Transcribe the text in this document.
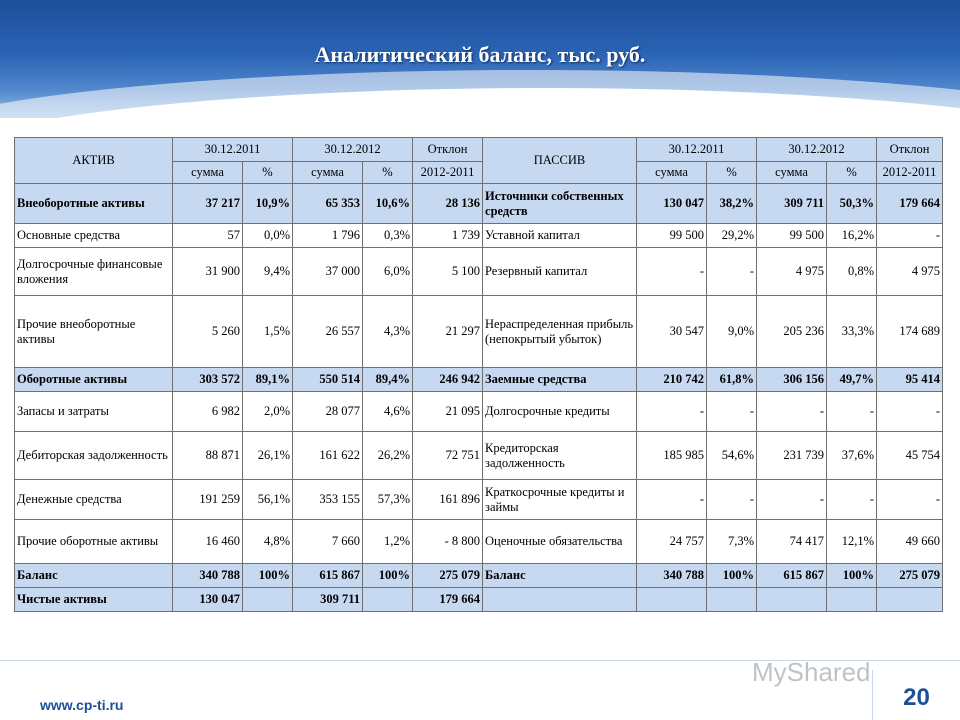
Аналитический баланс, тыс. руб.
АКТИВ	30.12.2011		30.12.2012		Отклон	ПАССИВ	30.12.2011		30.12.2012		Отклон
	сумма	%	сумма	%	2012-2011		сумма	%	сумма	%	2012-2011
Внеоборотные активы	37 217	10,9%	65 353	10,6%	28 136	Источники собственных средств	130 047	38,2%	309 711	50,3%	179 664
Основные средства	57	0,0%	1 796	0,3%	1 739	Уставной капитал	99 500	29,2%	99 500	16,2%	-
Долгосрочные финансовые вложения	31 900	9,4%	37 000	6,0%	5 100	Резервный капитал	-	-	4 975	0,8%	4 975
Прочие внеоборотные активы	5 260	1,5%	26 557	4,3%	21 297	Нераспределенная прибыль (непокрытый убыток)	30 547	9,0%	205 236	33,3%	174 689
Оборотные активы	303 572	89,1%	550 514	89,4%	246 942	Заемные средства	210 742	61,8%	306 156	49,7%	95 414
Запасы и затраты	6 982	2,0%	28 077	4,6%	21 095	Долгосрочные кредиты	-	-	-	-	-
Дебиторская задолженность	88 871	26,1%	161 622	26,2%	72 751	Кредиторская задолженность	185 985	54,6%	231 739	37,6%	45 754
Денежные средства	191 259	56,1%	353 155	57,3%	161 896	Краткосрочные кредиты и займы	-	-	-	-	-
Прочие оборотные активы	16 460	4,8%	7 660	1,2%	- 8 800	Оценочные обязательства	24 757	7,3%	74 417	12,1%	49 660
Баланс	340 788	100%	615 867	100%	275 079	Баланс	340 788	100%	615 867	100%	275 079
Чистые активы	130 047		309 711		179 664						
MyShared
www.cp-ti.ru	20
